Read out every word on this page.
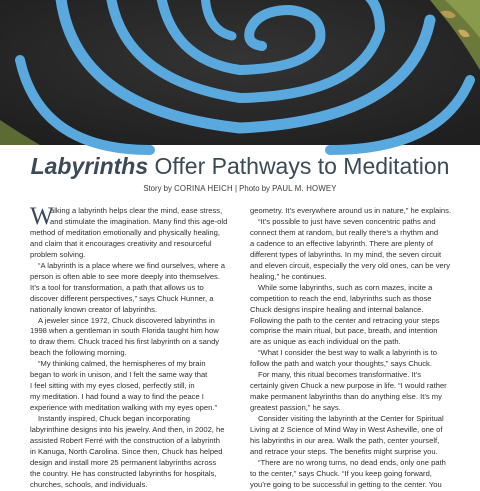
Labyrinths Offer Pathways to Meditation
Story by CORINA HEICH | Photo by PAUL M. HOWEY
W
alking a labyrinth helps clear the mind, ease stress,
and stimulate the imagination. Many find this age-old
method of meditation emotionally and physically healing,
and claim that it encourages creativity and resourceful
problem solving.
“A labyrinth is a place where we find ourselves, where a
person is often able to see more deeply into themselves.
It’s a tool for transformation, a path that allows us to
discover different perspectives,” says Chuck Hunner, a
nationally known creator of labyrinths.
A jeweler since 1972, Chuck discovered labyrinths in
1998 when a gentleman in south Florida taught him how
to draw them. Chuck traced his first labyrinth on a sandy
beach the following morning.
“My thinking calmed, the hemispheres of my brain
began to work in unison, and I felt the same way that
I feel sitting with my eyes closed, perfectly still, in
my meditation. I had found a way to find the peace I
experience with meditation walking with my eyes open.”
Instantly inspired, Chuck began incorporating
labyrinthine designs into his jewelry. And then, in 2002, he
assisted Robert Ferré with the construction of a labyrinth
in Kanuga, North Carolina. Since then, Chuck has helped
design and install more 25 permanent labyrinths across
the country. He has constructed labyrinths for hospitals,
churches, schools, and individuals.
geometry. It’s everywhere around us in nature,” he explains.
“It’s possible to just have seven concentric paths and
connect them at random, but really there’s a rhythm and
a cadence to an effective labyrinth. There are plenty of
different types of labyrinths. In my mind, the seven circuit
and eleven circuit, especially the very old ones, can be very
healing,” he continues.
While some labyrinths, such as corn mazes, incite a
competition to reach the end, labyrinths such as those
Chuck designs inspire healing and internal balance.
Following the path to the center and retracing your steps
comprise the main ritual, but pace, breath, and intention
are as unique as each individual on the path.
“What I consider the best way to walk a labyrinth is to
follow the path and watch your thoughts,” says Chuck.
For many, this ritual becomes transformative. It’s
certainly given Chuck a new purpose in life. “I would rather
make permanent labyrinths than do anything else. It’s my
greatest passion,” he says.
Consider visiting the labyrinth at the Center for Spiritual
Living at 2 Science of Mind Way in West Asheville, one of
his labyrinths in our area. Walk the path, center yourself,
and retrace your steps. The benefits might surprise you.
“There are no wrong turns, no dead ends, only one path
to the center,” says Chuck. “If you keep going forward,
you’re going to be successful in getting to the center. You
